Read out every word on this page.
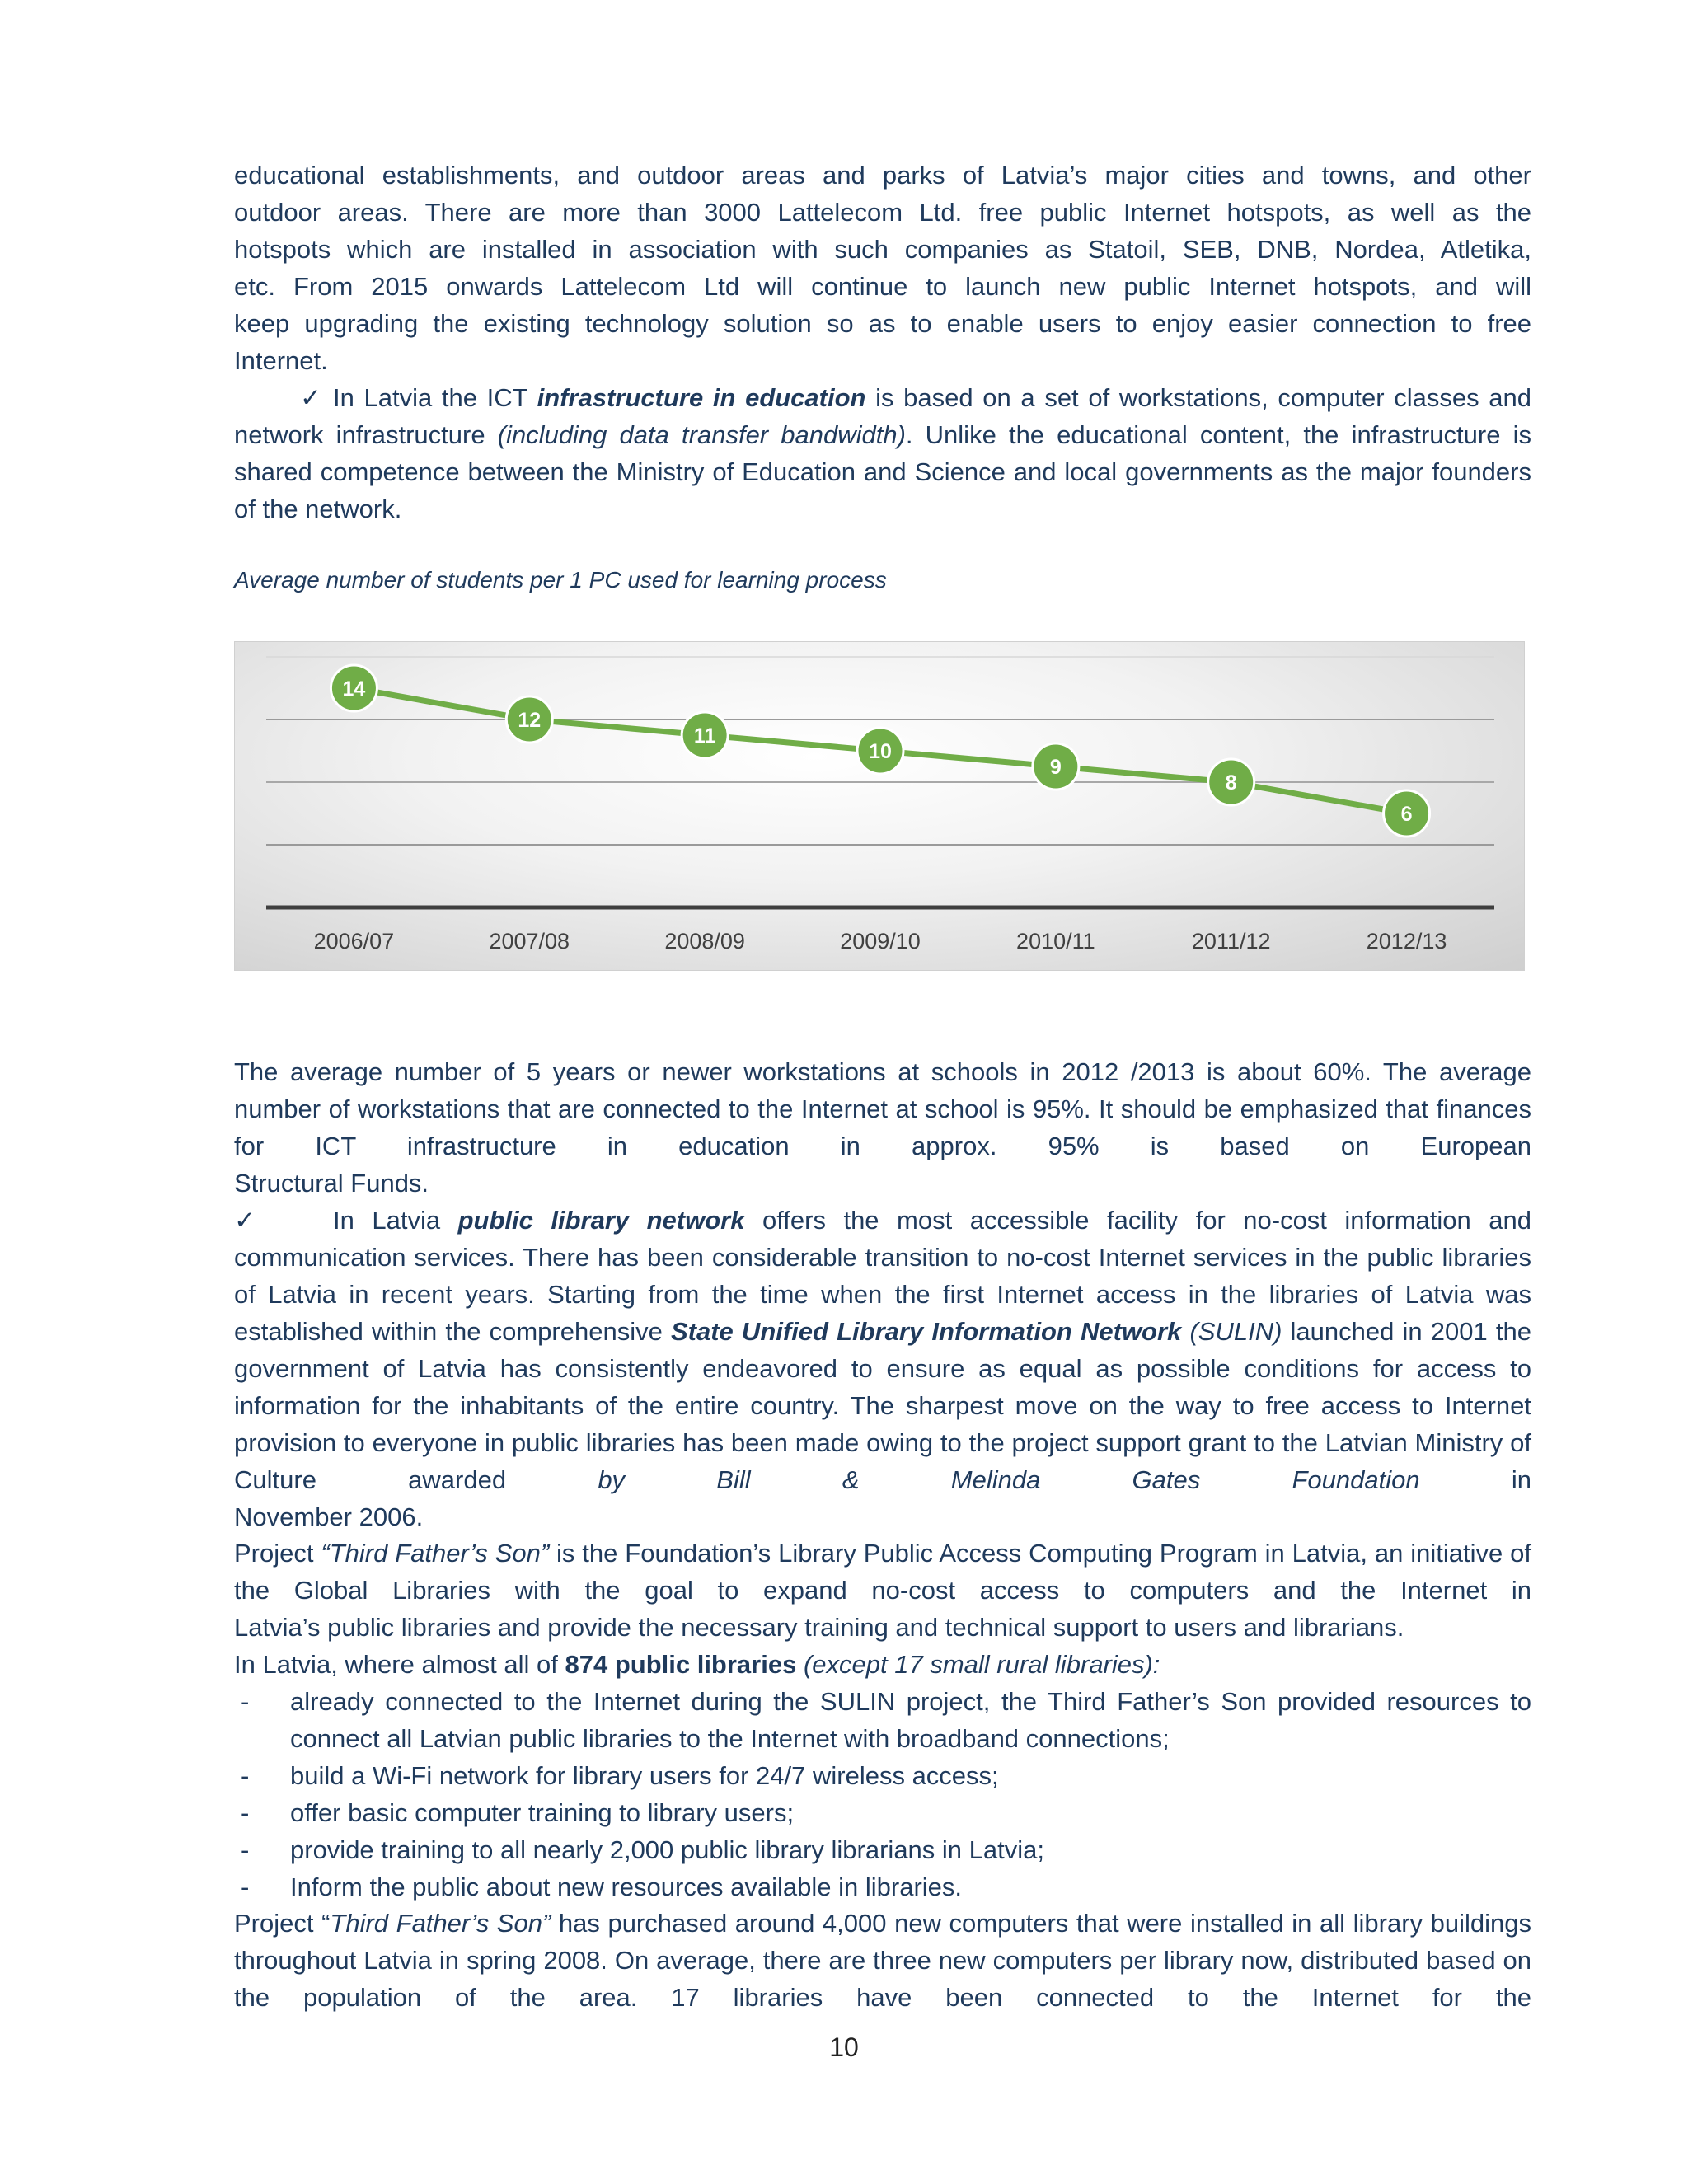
educational establishments, and outdoor areas and parks of Latvia’s major cities and towns, and other

outdoor areas. There are more than 3000 Lattelecom Ltd. free public Internet hotspots, as well as the

hotspots which are installed in association with such companies as Statoil, SEB, DNB, Nordea, Atletika,

etc. From 2015 onwards Lattelecom Ltd will continue to launch new public Internet hotspots, and will

keep upgrading the existing technology solution so as to enable users to enjoy easier connection to free

Internet.

✓ In Latvia the ICT infrastructure in education is based on a set of workstations, computer classes and network infrastructure (including data transfer bandwidth). Unlike the educational content, the infrastructure is shared competence between the Ministry of Education and Science and local governments as the major founders of the network.

Average number of students per 1 PC used for learning process
14
12
11
10
9
8
6
2006/07	2007/08	2008/09	2009/10	2010/11	2011/12	2012/13

The average number of 5 years or newer workstations at schools in 2012 /2013 is about 60%. The average number of workstations that are connected to the Internet at school is 95%. It should be emphasized that finances for ICT infrastructure in education in approx. 95% is based on European

Structural Funds.

✓	In Latvia public library network offers the most accessible facility for no-cost information and communication services. There has been considerable transition to no-cost Internet services in the public libraries of Latvia in recent years. Starting from the time when the first Internet access in the libraries of Latvia was established within the comprehensive State Unified Library Information Network (SULIN) launched in 2001 the government of Latvia has consistently endeavored to ensure as equal as possible conditions for access to information for the inhabitants of the entire country. The sharpest move on the way to free access to Internet provision to everyone in public libraries has been made owing to the project support grant to the Latvian Ministry of Culture awarded by Bill & Melinda Gates Foundation in

November 2006.

Project “Third Father’s Son” is the Foundation’s Library Public Access Computing Program in Latvia, an initiative of the Global Libraries with the goal to expand no-cost access to computers and the Internet in

Latvia’s public libraries and provide the necessary training and technical support to users and librarians.

In Latvia, where almost all of 874 public libraries (except 17 small rural libraries):

- already connected to the Internet during the SULIN project, the Third Father’s Son provided resources to connect all Latvian public libraries to the Internet with broadband connections;
- build a Wi-Fi network for library users for 24/7 wireless access;
- offer basic computer training to library users;
- provide training to all nearly 2,000 public library librarians in Latvia;
- Inform the public about new resources available in libraries.

Project “Third Father’s Son” has purchased around 4,000 new computers that were installed in all library buildings throughout Latvia in spring 2008. On average, there are three new computers per library now, distributed based on the population of the area. 17 libraries have been connected to the Internet for the

10
